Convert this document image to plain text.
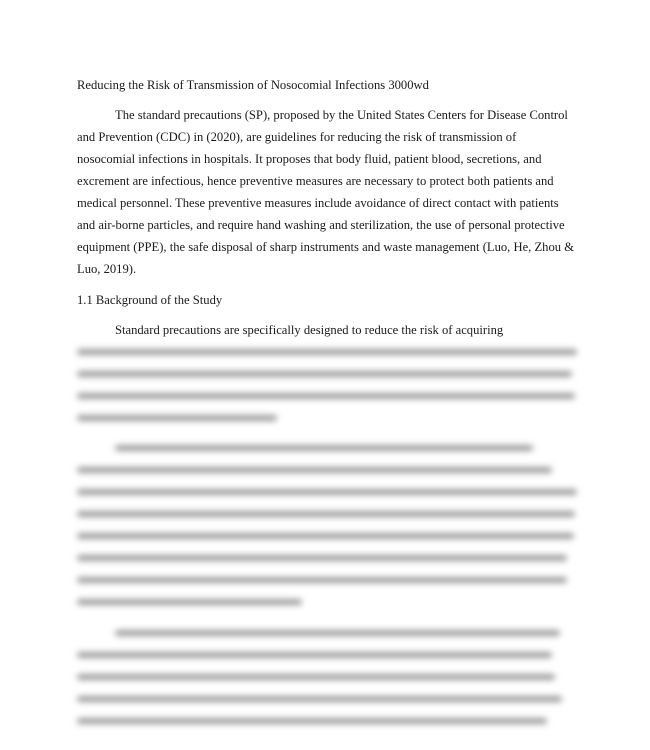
Reducing the Risk of Transmission of Nosocomial Infections 3000wd

The standard precautions (SP), proposed by the United States Centers for Disease Control and Prevention (CDC) in (2020), are guidelines for reducing the risk of transmission of nosocomial infections in hospitals. It proposes that body fluid, patient blood, secretions, and excrement are infectious, hence preventive measures are necessary to protect both patients and medical personnel. These preventive measures include avoidance of direct contact with patients and air-borne particles, and require hand washing and sterilization, the use of personal protective equipment (PPE), the safe disposal of sharp instruments and waste management (Luo, He, Zhou & Luo, 2019).

1.1 Background of the Study

Standard precautions are specifically designed to reduce the risk of acquiring
